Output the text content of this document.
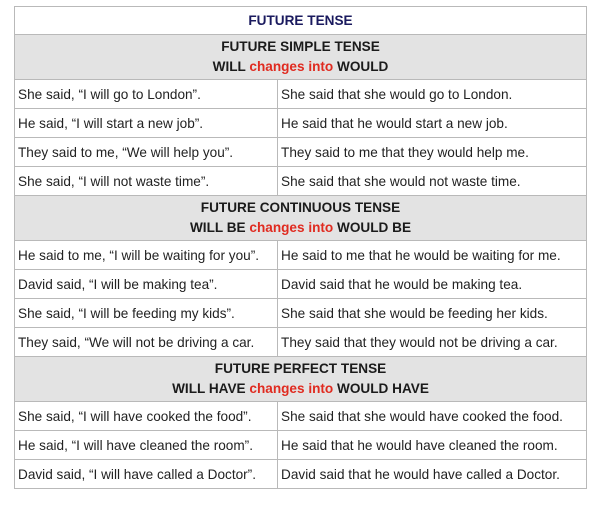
FUTURE TENSE	

FUTURE SIMPLE TENSE
WILL changes into WOULD	

She said, “I will go to London”.	She said that she would go to London.
He said, “I will start a new job”.	He said that he would start a new job.
They said to me, “We will help you”.	They said to me that they would help me.
She said, “I will not waste time”.	She said that she would not waste time.

FUTURE CONTINUOUS TENSE
WILL BE changes into WOULD BE	

He said to me, “I will be waiting for you”.	He said to me that he would be waiting for me.
David said, “I will be making tea”.	David said that he would be making tea.
She said, “I will be feeding my kids”.	She said that she would be feeding her kids.
They said, “We will not be driving a car.	They said that they would not be driving a car.

FUTURE PERFECT TENSE
WILL HAVE changes into WOULD HAVE	

She said, “I will have cooked the food”.	She said that she would have cooked the food.
He said, “I will have cleaned the room”.	He said that he would have cleaned the room.
David said, “I will have called a Doctor”.	David said that he would have called a Doctor.
